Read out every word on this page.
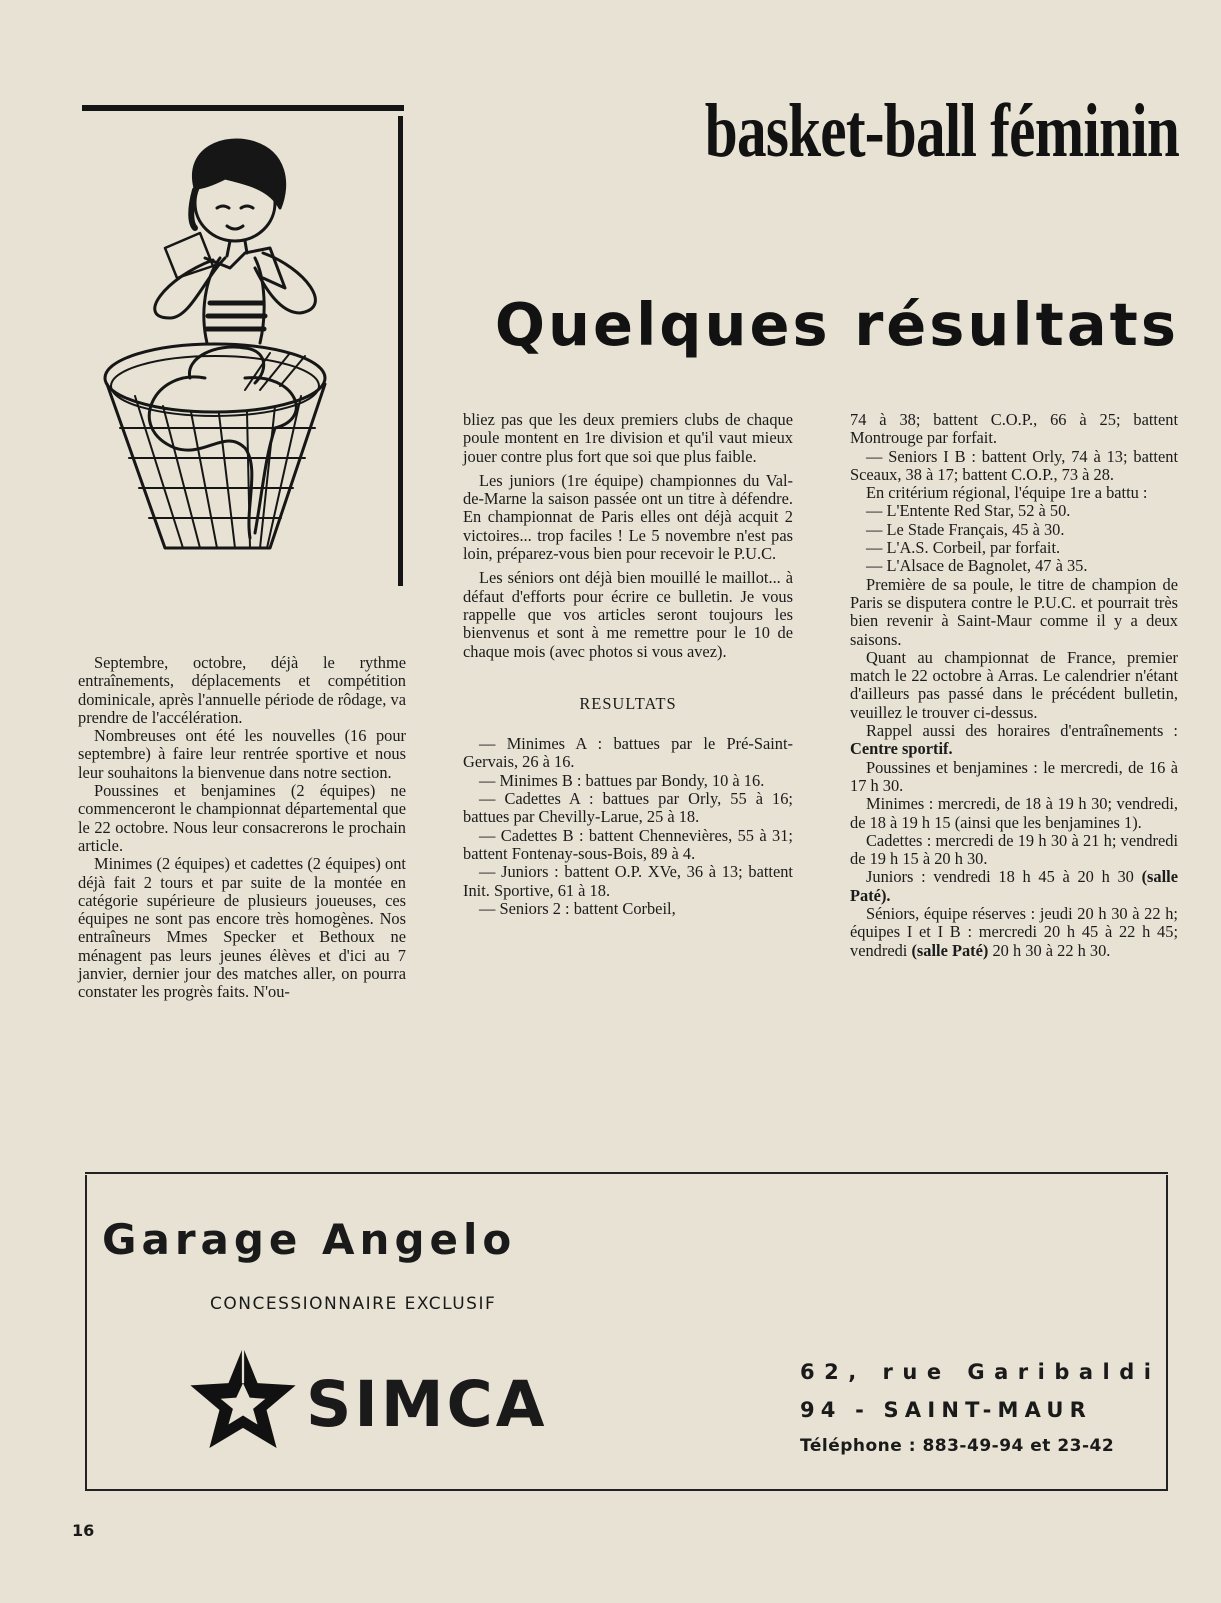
basket-ball féminin
Quelques résultats

Septembre, octobre, déjà le rythme entraînements, déplacements et compétition dominicale, après l'annuelle période de rôdage, va prendre de l'accélération.

Nombreuses ont été les nouvelles (16 pour septembre) à faire leur rentrée sportive et nous leur souhaitons la bienvenue dans notre section.

Poussines et benjamines (2 équipes) ne commenceront le championnat départemental que le 22 octobre. Nous leur consacrerons le prochain article.

Minimes (2 équipes) et cadettes (2 équipes) ont déjà fait 2 tours et par suite de la montée en catégorie supérieure de plusieurs joueuses, ces équipes ne sont pas encore très homogènes. Nos entraîneurs Mmes Specker et Bethoux ne ménagent pas leurs jeunes élèves et d'ici au 7 janvier, dernier jour des matches aller, on pourra constater les progrès faits. N'ou-

bliez pas que les deux premiers clubs de chaque poule montent en 1re division et qu'il vaut mieux jouer contre plus fort que soi que plus faible.

Les juniors (1re équipe) championnes du Val-de-Marne la saison passée ont un titre à défendre. En championnat de Paris elles ont déjà acquit 2 victoires... trop faciles ! Le 5 novembre n'est pas loin, préparez-vous bien pour recevoir le P.U.C.

Les séniors ont déjà bien mouillé le maillot... à défaut d'efforts pour écrire ce bulletin. Je vous rappelle que vos articles seront toujours les bienvenus et sont à me remettre pour le 10 de chaque mois (avec photos si vous avez).

RESULTATS

— Minimes A : battues par le Pré-Saint-Gervais, 26 à 16.

— Minimes B : battues par Bondy, 10 à 16.

— Cadettes A : battues par Orly, 55 à 16; battues par Chevilly-Larue, 25 à 18.

— Cadettes B : battent Chennevières, 55 à 31; battent Fontenay-sous-Bois, 89 à 4.

— Juniors : battent O.P. XVe, 36 à 13; battent Init. Sportive, 61 à 18.

— Seniors 2 : battent Corbeil,

74 à 38; battent C.O.P., 66 à 25; battent Montrouge par forfait.

— Seniors I B : battent Orly, 74 à 13; battent Sceaux, 38 à 17; battent C.O.P., 73 à 28.

En critérium régional, l'équipe 1re a battu :

— L'Entente Red Star, 52 à 50.

— Le Stade Français, 45 à 30.

— L'A.S. Corbeil, par forfait.

— L'Alsace de Bagnolet, 47 à 35.

Première de sa poule, le titre de champion de Paris se disputera contre le P.U.C. et pourrait très bien revenir à Saint-Maur comme il y a deux saisons.

Quant au championnat de France, premier match le 22 octobre à Arras. Le calendrier n'étant d'ailleurs pas passé dans le précédent bulletin, veuillez le trouver ci-dessus.

Rappel aussi des horaires d'entraînements : Centre sportif.

Poussines et benjamines : le mercredi, de 16 à 17 h 30.

Minimes : mercredi, de 18 à 19 h 30; vendredi, de 18 à 19 h 15 (ainsi que les benjamines 1).

Cadettes : mercredi de 19 h 30 à 21 h; vendredi de 19 h 15 à 20 h 30.

Juniors : vendredi 18 h 45 à 20 h 30 (salle Paté).

Séniors, équipe réserves : jeudi 20 h 30 à 22 h; équipes I et I B : mercredi 20 h 45 à 22 h 45; vendredi (salle Paté) 20 h 30 à 22 h 30.

Garage Angelo
CONCESSIONNAIRE EXCLUSIF
SIMCA	62, rue Garibaldi
94 - SAINT-MAUR
Téléphone : 883-49-94 et 23-42
16
